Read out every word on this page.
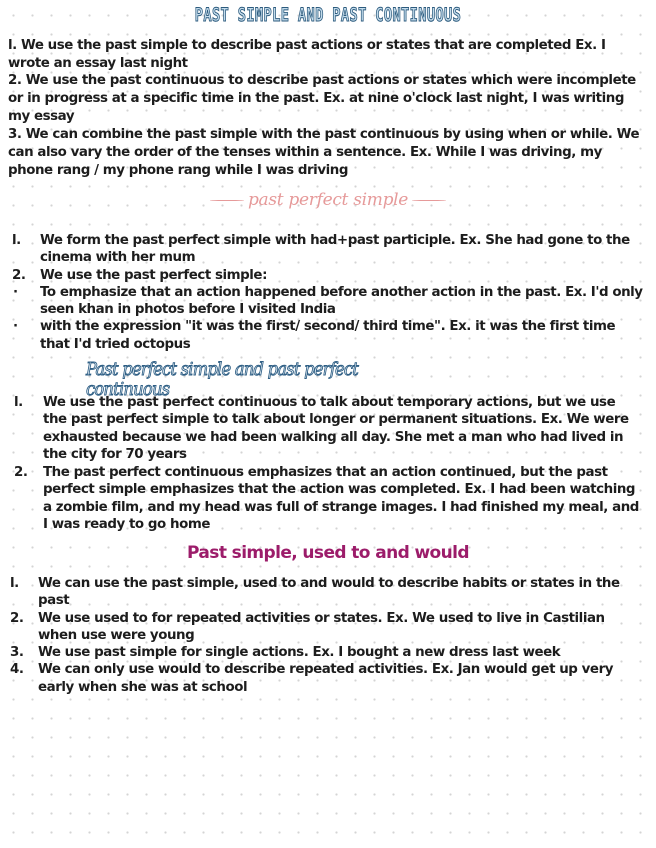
PAST SIMPLE AND PAST CONTINUOUS
l. We use the past simple to describe past actions or states that are completed Ex. I wrote an essay last night
2. We use the past continuous to describe past actions or states which were incomplete or in progress at a specific time in the past. Ex. at nine o'clock last night, I was writing my essay
3. We can combine the past simple with the past continuous by using when or while. We can also vary the order of the tenses within a sentence. Ex. While I was driving, my phone rang / my phone rang while I was driving
past perfect simple
l. We form the past perfect simple with had+past participle. Ex. She had gone to the cinema with her mum
2. We use the past perfect simple:
· To emphasize that an action happened before another action in the past. Ex. I'd only seen khan in photos before I visited India
· with the expression "it was the first/ second/ third time". Ex. it was the first time that I'd tried octopus
Past perfect simple and past perfect continuous
l. We use the past perfect continuous to talk about temporary actions, but we use the past perfect simple to talk about longer or permanent situations. Ex. We were exhausted because we had been walking all day. She met a man who had lived in the city for 70 years
2. The past perfect continuous emphasizes that an action continued, but the past perfect simple emphasizes that the action was completed. Ex. I had been watching a zombie film, and my head was full of strange images. I had finished my meal, and I was ready to go home
Past simple, used to and would
l. We can use the past simple, used to and would to describe habits or states in the past
2. We use used to for repeated activities or states. Ex. We used to live in Castilian when use were young
3. We use past simple for single actions. Ex. I bought a new dress last week
4. We can only use would to describe repeated activities. Ex. Jan would get up very early when she was at school
